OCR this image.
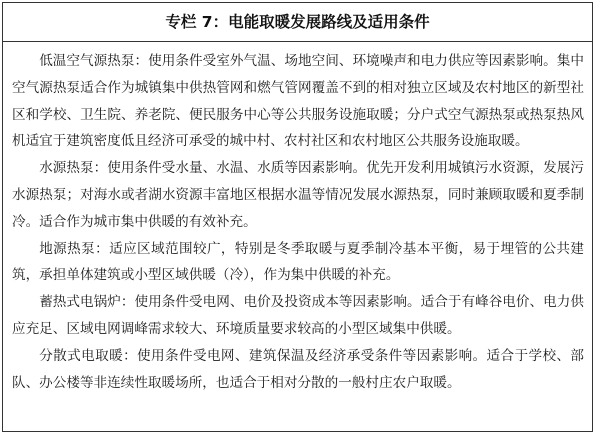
专栏 7：电能取暖发展路线及适用条件

低温空气源热泵：使用条件受室外气温、场地空间、环境噪声和电力供应等因素影响。集中空气源热泵适合作为城镇集中供热管网和燃气管网覆盖不到的相对独立区域及农村地区的新型社区和学校、卫生院、养老院、便民服务中心等公共服务设施取暖；分户式空气源热泵或热泵热风机适宜于建筑密度低且经济可承受的城中村、农村社区和农村地区公共服务设施取暖。

水源热泵：使用条件受水量、水温、水质等因素影响。优先开发利用城镇污水资源，发展污水源热泵；对海水或者湖水资源丰富地区根据水温等情况发展水源热泵，同时兼顾取暖和夏季制冷。适合作为城市集中供暖的有效补充。

地源热泵：适应区域范围较广，特别是冬季取暖与夏季制冷基本平衡，易于埋管的公共建筑，承担单体建筑或小型区域供暖（冷），作为集中供暖的补充。

蓄热式电锅炉：使用条件受电网、电价及投资成本等因素影响。适合于有峰谷电价、电力供应充足、区域电网调峰需求较大、环境质量要求较高的小型区域集中供暖。

分散式电取暖：使用条件受电网、建筑保温及经济承受条件等因素影响。适合于学校、部队、办公楼等非连续性取暖场所，也适合于相对分散的一般村庄农户取暖。
